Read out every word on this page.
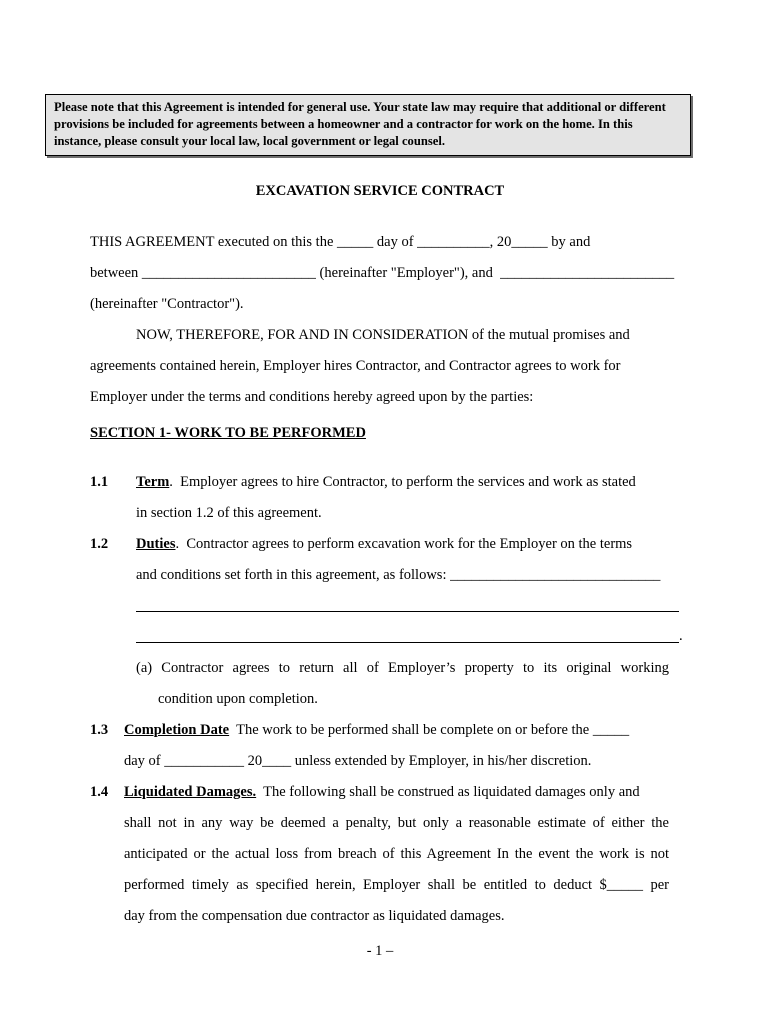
Please note that this Agreement is intended for general use. Your state law may require that additional or different provisions be included for agreements between a homeowner and a contractor for work on the home. In this instance, please consult your local law, local government or legal counsel.
EXCAVATION SERVICE CONTRACT
THIS AGREEMENT executed on this the _____ day of __________, 20_____ by and
between ________________________ (hereinafter "Employer"), and  ________________________
(hereinafter "Contractor").
NOW, THEREFORE, FOR AND IN CONSIDERATION of the mutual promises and
agreements contained herein, Employer hires Contractor, and Contractor agrees to work for
Employer under the terms and conditions hereby agreed upon by the parties:
SECTION 1- WORK TO BE PERFORMED
1.1 Term.  Employer agrees to hire Contractor, to perform the services and work as stated
in section 1.2 of this agreement.
1.2 Duties.  Contractor agrees to perform excavation work for the Employer on the terms
and conditions set forth in this agreement, as follows: _____________________________
.
(a) Contractor agrees to return all of Employer’s property to its original working
condition upon completion.
1.3 Completion Date  The work to be performed shall be complete on or before the _____
day of ___________ 20____ unless extended by Employer, in his/her discretion.
1.4 Liquidated Damages.  The following shall be construed as liquidated damages only and
shall not in any way be deemed a penalty, but only a reasonable estimate of either the
anticipated or the actual loss from breach of this Agreement In the event the work is not
performed timely as specified herein, Employer shall be entitled to deduct $_____ per
day from the compensation due contractor as liquidated damages.
- 1 –
